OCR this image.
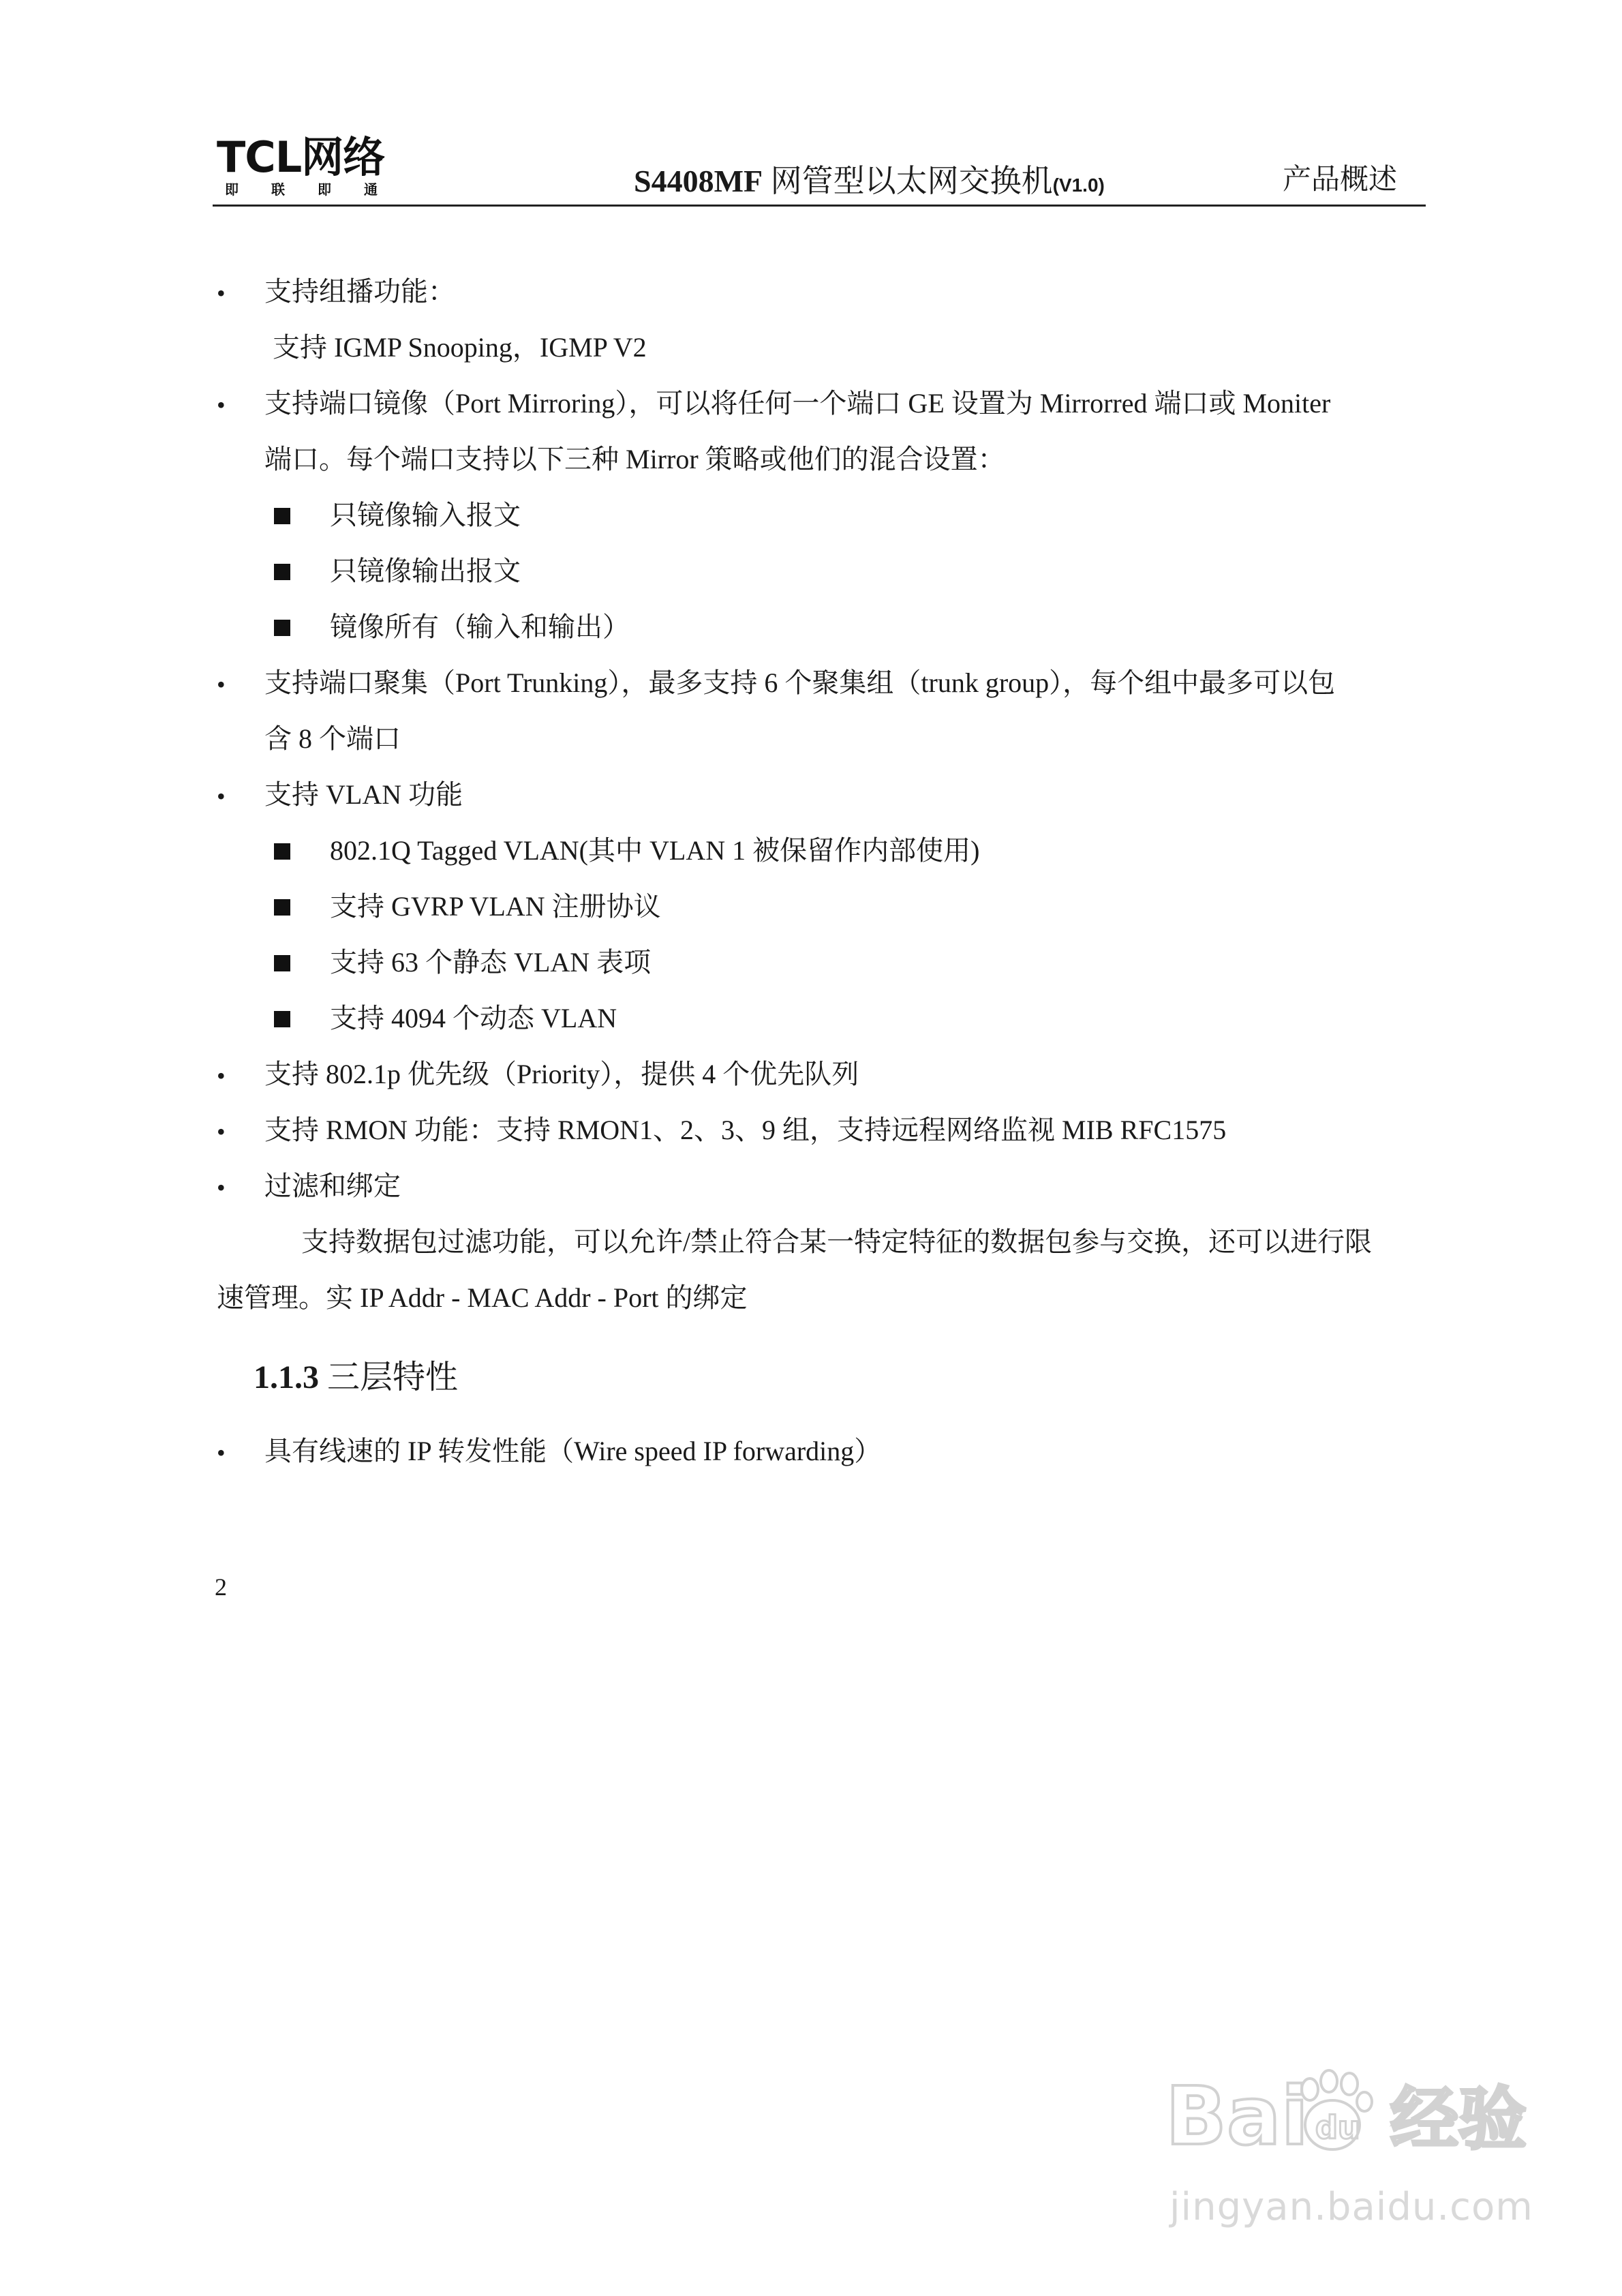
TCL网络
即联即通	S4408MF 网管型以太网交换机(V1.0)	产品概述
• 支持组播功能：
支持 IGMP Snooping，IGMP V2
• 支持端口镜像（Port Mirroring），可以将任何一个端口 GE 设置为 Mirrorred 端口或 Moniter
端口。每个端口支持以下三种 Mirror 策略或他们的混合设置：
只镜像输入报文
只镜像输出报文
镜像所有（输入和输出）
• 支持端口聚集（Port Trunking），最多支持 6 个聚集组（trunk group），每个组中最多可以包
含 8 个端口
• 支持 VLAN 功能
802.1Q Tagged VLAN(其中 VLAN 1 被保留作内部使用)
支持 GVRP VLAN 注册协议
支持 63 个静态 VLAN 表项
支持 4094 个动态 VLAN
• 支持 802.1p 优先级（Priority），提供 4 个优先队列
• 支持 RMON 功能：支持 RMON1、2、3、9 组，支持远程网络监视 MIB RFC1575
• 过滤和绑定
支持数据包过滤功能，可以允许/禁止符合某一特定特征的数据包参与交换，还可以进行限
速管理。实 IP Addr - MAC Addr - Port 的绑定
1.1.3 三层特性
• 具有线速的 IP 转发性能（Wire speed IP forwarding）
2
Bai du 经验
jingyan.baidu.com
